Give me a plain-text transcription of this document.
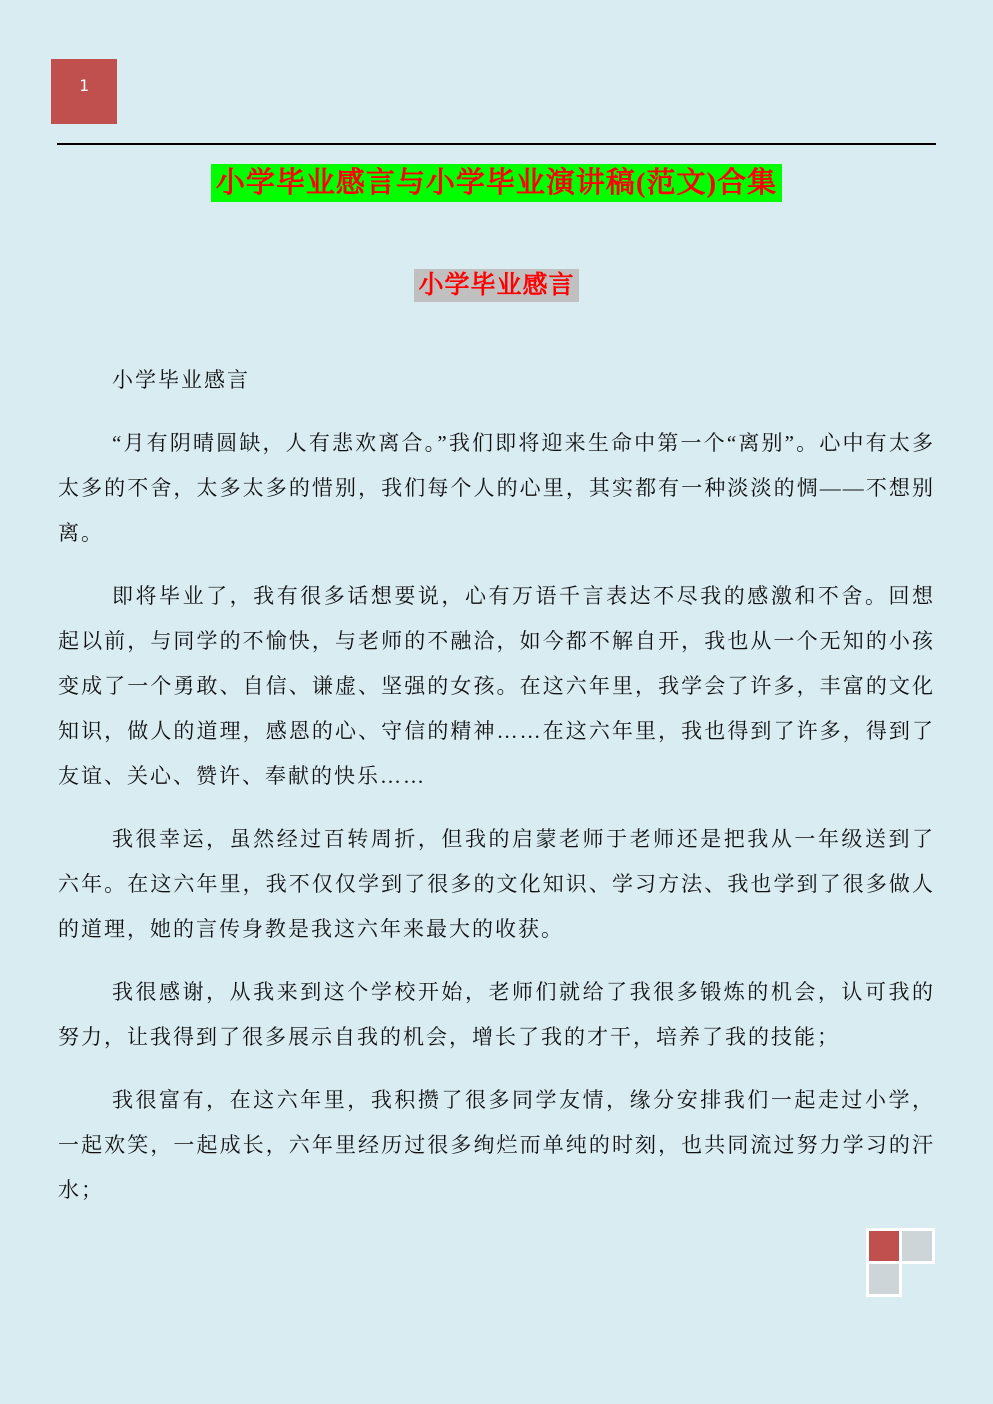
1
小学毕业感言与小学毕业演讲稿(范文)合集
小学毕业感言

小学毕业感言

“月有阴晴圆缺，人有悲欢离合。”我们即将迎来生命中第一个“离别”。心中有太多太多的不舍，太多太多的惜别，我们每个人的心里，其实都有一种淡淡的惆——不想别离。

即将毕业了，我有很多话想要说，心有万语千言表达不尽我的感激和不舍。回想起以前，与同学的不愉快，与老师的不融洽，如今都不解自开，我也从一个无知的小孩变成了一个勇敢、自信、谦虚、坚强的女孩。在这六年里，我学会了许多，丰富的文化知识，做人的道理，感恩的心、守信的精神……在这六年里，我也得到了许多，得到了友谊、关心、赞许、奉献的快乐……

我很幸运，虽然经过百转周折，但我的启蒙老师于老师还是把我从一年级送到了六年。在这六年里，我不仅仅学到了很多的文化知识、学习方法、我也学到了很多做人的道理，她的言传身教是我这六年来最大的收获。

我很感谢，从我来到这个学校开始，老师们就给了我很多锻炼的机会，认可我的努力，让我得到了很多展示自我的机会，增长了我的才干，培养了我的技能；

我很富有，在这六年里，我积攒了很多同学友情，缘分安排我们一起走过小学，一起欢笑，一起成长，六年里经历过很多绚烂而单纯的时刻，也共同流过努力学习的汗水；
